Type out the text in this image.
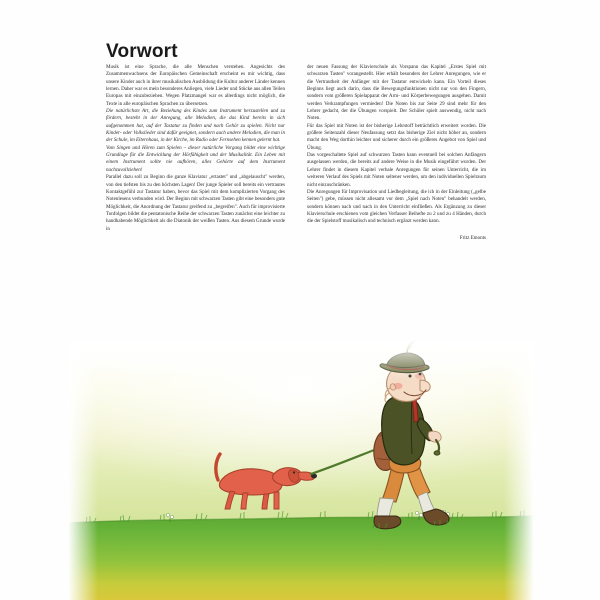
Vorwort

Musik ist eine Sprache, die alle Menschen verstehen. Angesichts des Zusammenwachsens der Europäischen Gemeinschaft erscheint es mir wichtig, dass unsere Kinder auch in ihrer musikalischen Ausbildung die Kultur anderer Länder kennen lernen. Daher war es mein besonderes Anliegen, viele Lieder und Stücke aus allen Teilen Europas mit einzubeziehen. Wegen Platzmangel war es allerdings nicht möglich, die Texte in alle europäischen Sprachen zu übersetzen.

Die natürlichste Art, die Beziehung des Kindes zum Instrument herzustellen und zu fördern, besteht in der Anregung, alle Melodien, die das Kind bereits in sich aufgenommen hat, auf der Tastatur zu finden und nach Gehör zu spielen. Nicht nur Kinder- oder Volkslieder sind dafür geeignet, sondern auch andere Melodien, die man in der Schule, im Elternhaus, in der Kirche, im Radio oder Fernsehen kennen gelernt hat.

Vom Singen und Hören zum Spielen – dieser natürliche Vorgang bildet eine wichtige Grundlage für die Entwicklung der Hörfähigkeit und der Musikalität. Ein Leben mit einem Instrument sollte nie aufhören, alles Gehörte auf dem Instrument nachzuvollziehen!

Parallel dazu soll zu Beginn die ganze Klaviatur „ertastet" und „abgelauscht" werden, von den tiefsten bis zu den höchsten Lagen! Der junge Spieler soll bereits ein vertrautes Kontaktgefühl zur Tastatur haben, bevor das Spiel mit dem komplizierten Vorgang des Notenlesens verbunden wird. Der Beginn mit schwarzen Tasten gibt eine besonders gute Möglichkeit, die Anordnung der Tastatur greifend zu „begreifen". Auch für improvisierte Tonfolgen bildet die pentatonische Reihe der schwarzen Tasten zunächst eine leichter zu handhabende Möglichkeit als die Diatonik der weißen Tasten. Aus diesem Grunde wurde in

der neuen Fassung der Klavierschule als Vorspann das Kapitel „Erstes Spiel mit schwarzen Tasten" vorangestellt. Hier erhält besonders der Lehrer Anregungen, wie er die Vertrautheit der Anfänger mit der Tastatur entwickeln kann. Ein Vorteil dieses Beginns liegt auch darin, dass die Bewegungsfunktionen nicht nur von den Fingern, sondern vom größeren Spielapparat der Arm- und Körperbewegungen ausgehen. Damit werden Verkrampfungen vermieden! Die Noten bis zur Seite 29 sind mehr für den Lehrer gedacht, der die Übungen vorspielt. Der Schüler spielt auswendig, nicht nach Noten.

Für das Spiel mit Noten ist der bisherige Lehrstoff beträchtlich erweitert worden. Die größere Seitenzahl dieser Neufassung setzt das bisherige Ziel nicht höher an, sondern macht den Weg dorthin leichter und sicherer durch ein größeres Angebot von Spiel und Übung.

Das vorgeschaltete Spiel auf schwarzen Tasten kann eventuell bei solchen Anfängern ausgelassen werden, die bereits auf andere Weise in die Musik eingeführt wurden. Der Lehrer findet in diesem Kapitel verbale Anregungen für seinen Unterricht, die im weiteren Verlauf des Spiels mit Noten seltener werden, um den individuellen Spielraum nicht einzuschränken.

Die Anregungen für Improvisation und Liedbegleitung, die ich in der Einleitung („gelbe Seiten") gebe, müssen nicht allesamt vor dem „Spiel nach Noten" behandelt werden, sondern können nach und nach in den Unterricht einfließen. Als Ergänzung zu dieser Klavierschule erschienen vom gleichen Verfasser Beihefte zu 2 und zu 4 Händen, durch die der Spielstoff musikalisch und technisch ergänzt werden kann.

Fritz Emonts
